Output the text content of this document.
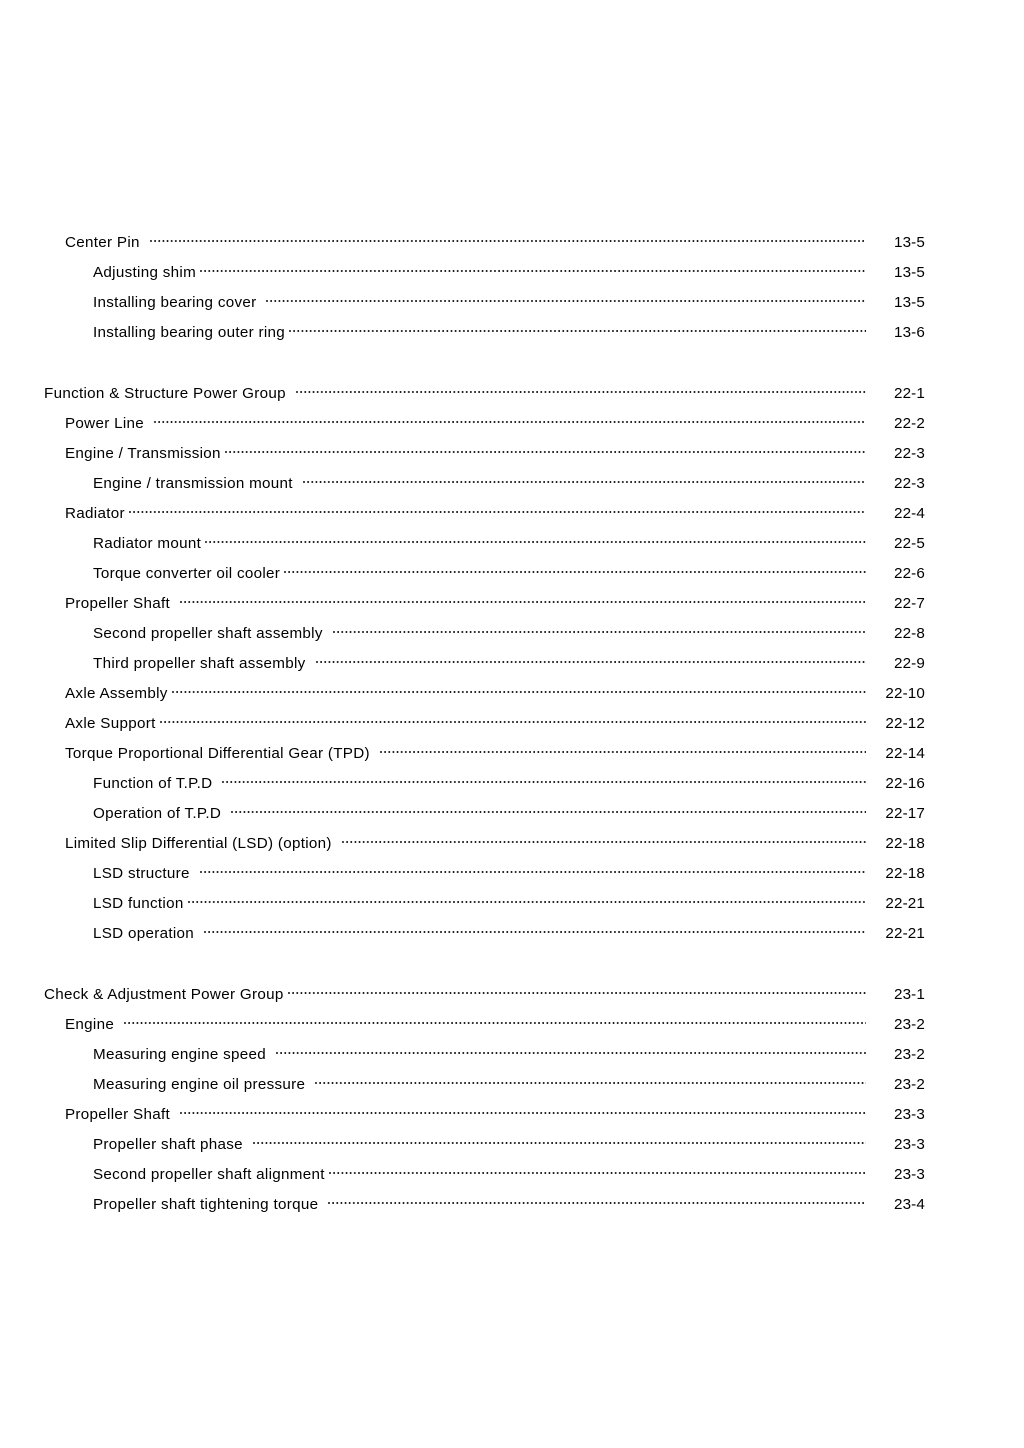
Center Pin	13-5
Adjusting shim	13-5
Installing bearing cover	13-5
Installing bearing outer ring	13-6
Function & Structure Power Group	22-1
Power Line	22-2
Engine / Transmission	22-3
Engine / transmission mount	22-3
Radiator	22-4
Radiator mount	22-5
Torque converter oil cooler	22-6
Propeller Shaft	22-7
Second propeller shaft assembly	22-8
Third propeller shaft assembly	22-9
Axle Assembly	22-10
Axle Support	22-12
Torque Proportional Differential Gear (TPD)	22-14
Function of T.P.D	22-16
Operation of T.P.D	22-17
Limited Slip Differential (LSD) (option)	22-18
LSD structure	22-18
LSD function	22-21
LSD operation	22-21
Check & Adjustment Power Group	23-1
Engine	23-2
Measuring engine speed	23-2
Measuring engine oil pressure	23-2
Propeller Shaft	23-3
Propeller shaft phase	23-3
Second propeller shaft alignment	23-3
Propeller shaft tightening torque	23-4
